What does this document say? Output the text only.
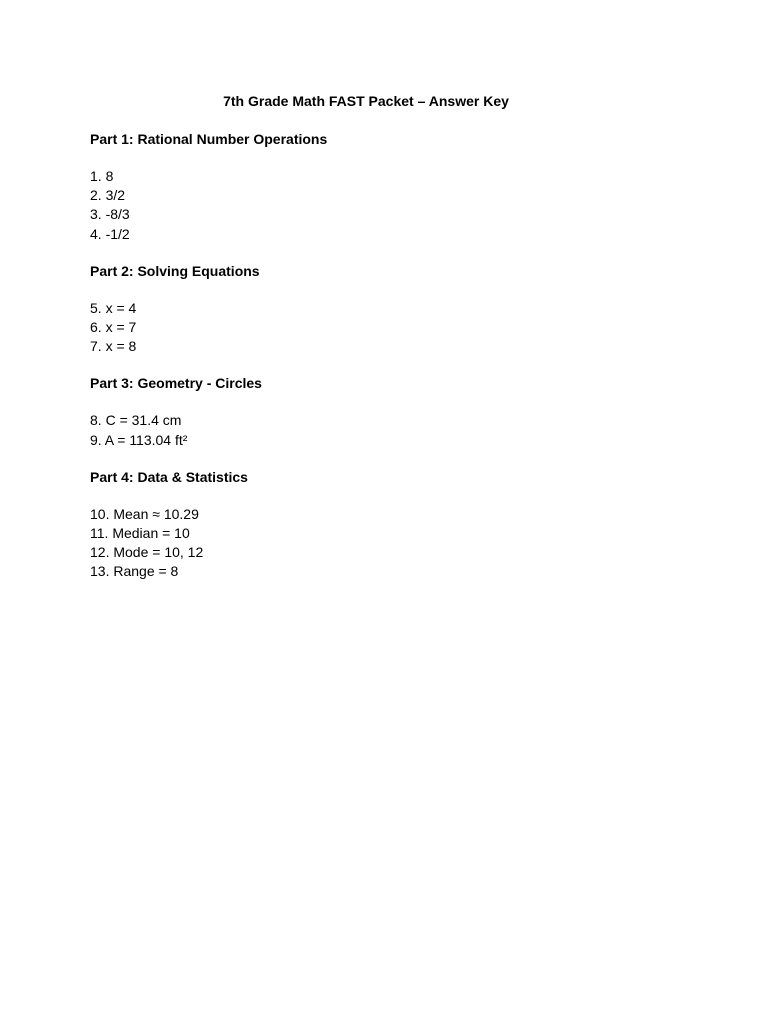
7th Grade Math FAST Packet – Answer Key
Part 1: Rational Number Operations
1. 8
2. 3/2
3. -8/3
4. -1/2
Part 2: Solving Equations
5. x = 4
6. x = 7
7. x = 8
Part 3: Geometry - Circles
8. C = 31.4 cm
9. A = 113.04 ft²
Part 4: Data & Statistics
10. Mean ≈ 10.29
11. Median = 10
12. Mode = 10, 12
13. Range = 8
